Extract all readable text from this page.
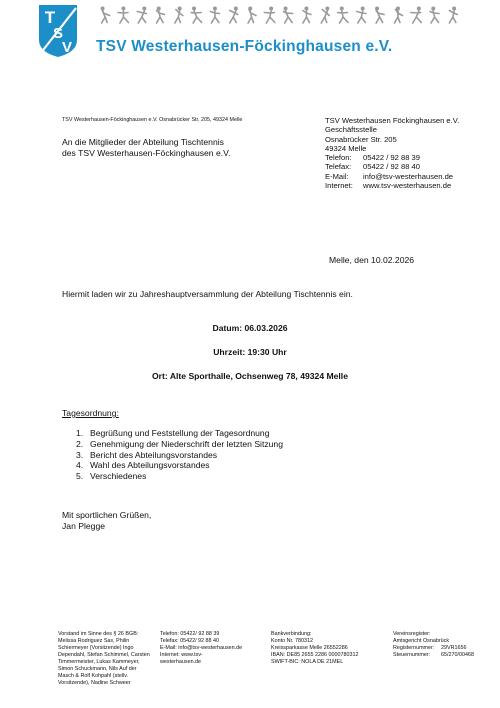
T
S
V TSV Westerhausen-Föckinghausen e.V.
TSV Westerhausen-Föckinghausen e.V. Osnabrücker Str. 205, 49324 Melle
An die Mitglieder der Abteilung Tischtennis
des TSV Westerhausen-Föckinghausen e.V.
TSV Westerhausen Föckinghausen e.V.
Geschäftsstelle
Osnabrücker Str. 205
49324 Melle
Telefon: 05422 / 92 88 39
Telefax: 05422 / 92 88 40
E-Mail: info@tsv-westerhausen.de
Internet: www.tsv-westerhausen.de
Melle, den 10.02.2026
Hiermit laden wir zu Jahreshauptversammlung der Abteilung Tischtennis ein.
Datum: 06.03.2026
Uhrzeit: 19:30 Uhr
Ort: Alte Sporthalle, Ochsenweg 78, 49324 Melle
Tagesordnung:
1. Begrüßung und Feststellung der Tagesordnung
2. Genehmigung der Niederschrift der letzten Sitzung
3. Bericht des Abteilungsvorstandes
4. Wahl des Abteilungsvorstandes
5. Verschiedenes
Mit sportlichen Grüßen,
Jan Plegge
Vorstand im Sinne des § 26 BGB:
Melissa Rodriguez Sas, Philin Schiermeyer (Vorsitzende) Ingo Dependahl, Stefan Schimmel, Carsten Timmermeister, Lukas Kammeyer, Simon Schuckmann, Nils Auf der Masch & Rolf Kohpahl (stellv. Vorsitzende), Nadine Schweer
Telefon: 05422/ 92 88 39
Telefax: 05422/ 92 88 40
E-Mail: info@tsv-westerhausen.de
Internet: www.tsv-
westerhausen.de
Bankverbindung:
Konto Nr. 780312
Kreissparkasse Melle 26552286
IBAN: DE85 2655 2286 0000780312
SWIFT-BIC: NOLA DE 21MEL
Vereinsregister:
Amtsgericht Osnabrück
Registernummer: 29VR1656
Steuernummer: 65/270/00468
